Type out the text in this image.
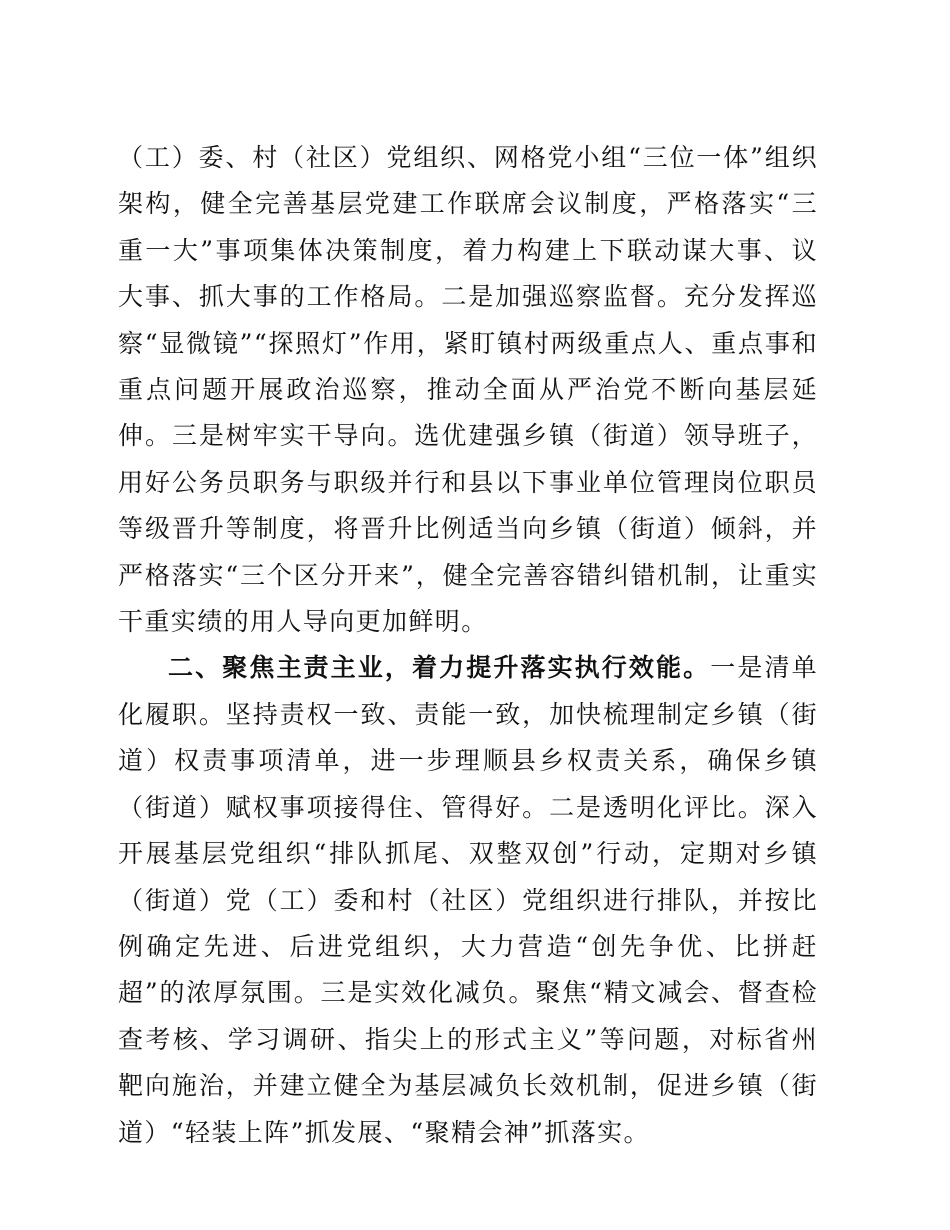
（工）委、村（社区）党组织、网格党小组“三位一体”组织架构，健全完善基层党建工作联席会议制度，严格落实“三重一大”事项集体决策制度，着力构建上下联动谋大事、议大事、抓大事的工作格局。二是加强巡察监督。充分发挥巡察“显微镜”“探照灯”作用，紧盯镇村两级重点人、重点事和重点问题开展政治巡察，推动全面从严治党不断向基层延伸。三是树牢实干导向。选优建强乡镇（街道）领导班子，用好公务员职务与职级并行和县以下事业单位管理岗位职员等级晋升等制度，将晋升比例适当向乡镇（街道）倾斜，并严格落实“三个区分开来”，健全完善容错纠错机制，让重实干重实绩的用人导向更加鲜明。

二、聚焦主责主业，着力提升落实执行效能。一是清单化履职。坚持责权一致、责能一致，加快梳理制定乡镇（街道）权责事项清单，进一步理顺县乡权责关系，确保乡镇（街道）赋权事项接得住、管得好。二是透明化评比。深入开展基层党组织“排队抓尾、双整双创”行动，定期对乡镇（街道）党（工）委和村（社区）党组织进行排队，并按比例确定先进、后进党组织，大力营造“创先争优、比拼赶超”的浓厚氛围。三是实效化减负。聚焦“精文减会、督查检查考核、学习调研、指尖上的形式主义”等问题，对标省州靶向施治，并建立健全为基层减负长效机制，促进乡镇（街道）“轻装上阵”抓发展、“聚精会神”抓落实。
